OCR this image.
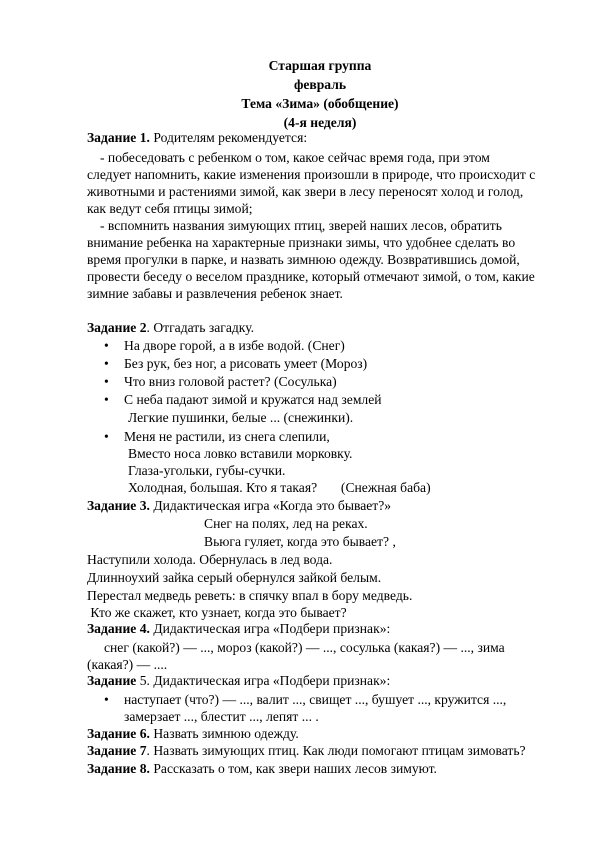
Старшая группа
февраль
Тема «Зима» (обобщение)
(4-я неделя)
Задание 1. Родителям рекомендуется:
- побеседовать с ребенком о том, какое сейчас время года, при этом
следует напомнить, какие изменения произошли в природе, что происходит с
животными и растениями зимой, как звери в лесу переносят холод и голод,
как ведут себя птицы зимой;
- вспомнить названия зимующих птиц, зверей наших лесов, обратить
внимание ребенка на характерные признаки зимы, что удобнее сделать во
время прогулки в парке, и назвать зимнюю одежду. Возвратившись домой,
провести беседу о веселом празднике, который отмечают зимой, о том, какие
зимние забавы и развлечения ребенок знает.
Задание 2. Отгадать загадку.
• На дворе горой, а в избе водой. (Снег)
• Без рук, без ног, а рисовать умеет (Мороз)
• Что вниз головой растет? (Сосулька)
• С неба падают зимой и кружатся над землей
Легкие пушинки, белые ... (снежинки).
• Меня не растили, из снега слепили,
Вместо носа ловко вставили морковку.
Глаза-угольки, губы-сучки.
Холодная, большая. Кто я такая?       (Снежная баба)
Задание 3. Дидактическая игра «Когда это бывает?»
Снег на полях, лед на реках.
Вьюга гуляет, когда это бывает? ,
Наступили холода. Обернулась в лед вода.
Длинноухий зайка серый обернулся зайкой белым.
Перестал медведь реветь: в спячку впал в бору медведь.
Кто же скажет, кто узнает, когда это бывает?
Задание 4. Дидактическая игра «Подбери признак»:
снег (какой?) — ..., мороз (какой?) — ..., сосулька (какая?) — ..., зима
(какая?) — ....
Задание 5. Дидактическая игра «Подбери признак»:
• наступает (что?) — ..., валит ..., свищет ..., бушует ..., кружится ...,
замерзает ..., блестит ..., лепят ... .
Задание 6. Назвать зимнюю одежду.
Задание 7. Назвать зимующих птиц. Как люди помогают птицам зимовать?
Задание 8. Рассказать о том, как звери наших лесов зимуют.
